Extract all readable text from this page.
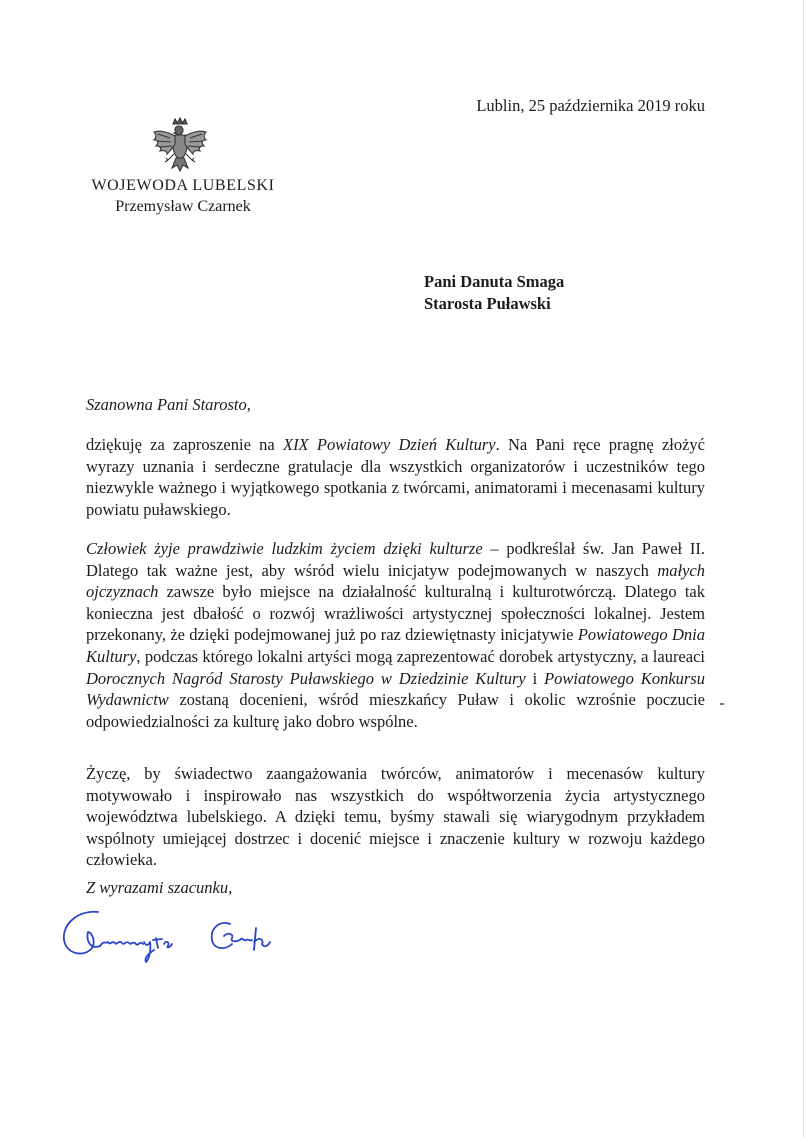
Lublin, 25 października 2019 roku
WOJEWODA LUBELSKI
Przemysław Czarnek
Pani Danuta Smaga
Starosta Puławski
Szanowna Pani Starosto,
dziękuję za zaproszenie na XIX Powiatowy Dzień Kultury. Na Pani ręce pragnę złożyć wyrazy uznania i serdeczne gratulacje dla wszystkich organizatorów i uczestników tego niezwykle ważnego i wyjątkowego spotkania z twórcami, animatorami i mecenasami kultury powiatu puławskiego.
Człowiek żyje prawdziwie ludzkim życiem dzięki kulturze – podkreślał św. Jan Paweł II. Dlatego tak ważne jest, aby wśród wielu inicjatyw podejmowanych w naszych małych ojczyznach zawsze było miejsce na działalność kulturalną i kulturotwórczą. Dlatego tak konieczna jest dbałość o rozwój wrażliwości artystycznej społeczności lokalnej. Jestem przekonany, że dzięki podejmowanej już po raz dziewiętnasty inicjatywie Powiatowego Dnia Kultury, podczas którego lokalni artyści mogą zaprezentować dorobek artystyczny, a laureaci Dorocznych Nagród Starosty Puławskiego w Dziedzinie Kultury i Powiatowego Konkursu Wydawnictw zostaną docenieni, wśród mieszkańcy Puław i okolic wzrośnie poczucie odpowiedzialności za kulturę jako dobro wspólne.
Życzę, by świadectwo zaangażowania twórców, animatorów i mecenasów kultury motywowało i inspirowało nas wszystkich do współtworzenia życia artystycznego województwa lubelskiego. A dzięki temu, byśmy stawali się wiarygodnym przykładem wspólnoty umiejącej dostrzec i docenić miejsce i znaczenie kultury w rozwoju każdego człowieka.
Z wyrazami szacunku,
